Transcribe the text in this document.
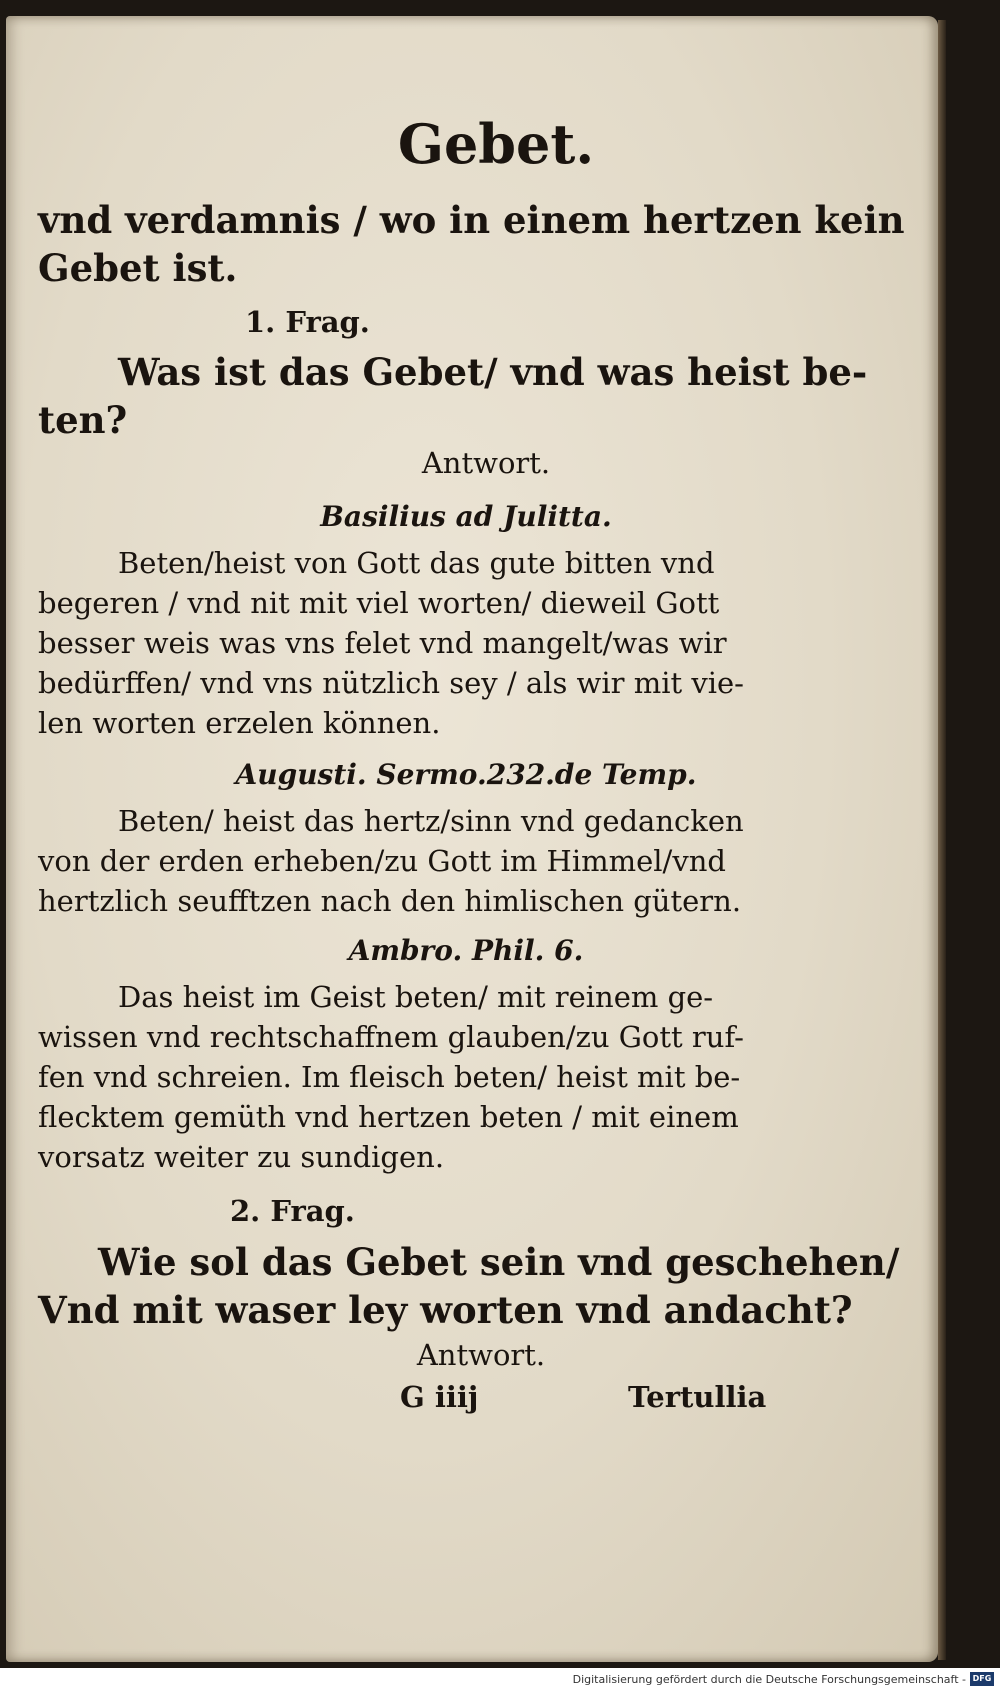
Gebet.
vnd verdamnis / wo in einem hertzen kein
Gebet ist.
1. Frag.
Was ist das Gebet/ vnd was heist be-
ten?
Antwort.
Basilius ad Julitta.
Beten/heist von Gott das gute bitten vnd
begeren / vnd nit mit viel worten/ dieweil Gott
besser weis was vns felet vnd mangelt/was wir
bedürffen/ vnd vns nützlich sey / als wir mit vie-
len worten erzelen können.
Augusti. Sermo.232.de Temp.
Beten/ heist das hertz/sinn vnd gedancken
von der erden erheben/zu Gott im Himmel/vnd
hertzlich seufftzen nach den himlischen gütern.
Ambro. Phil. 6.
Das heist im Geist beten/ mit reinem ge-
wissen vnd rechtschaffnem glauben/zu Gott ruf-
fen vnd schreien. Im fleisch beten/ heist mit be-
flecktem gemüth vnd hertzen beten / mit einem
vorsatz weiter zu sundigen.
2. Frag.
Wie sol das Gebet sein vnd geschehen/
Vnd mit waser ley worten vnd andacht?
Antwort.
G iiij	Tertullia
Digitalisierung gefördert durch die Deutsche Forschungsgemeinschaft - DFG
